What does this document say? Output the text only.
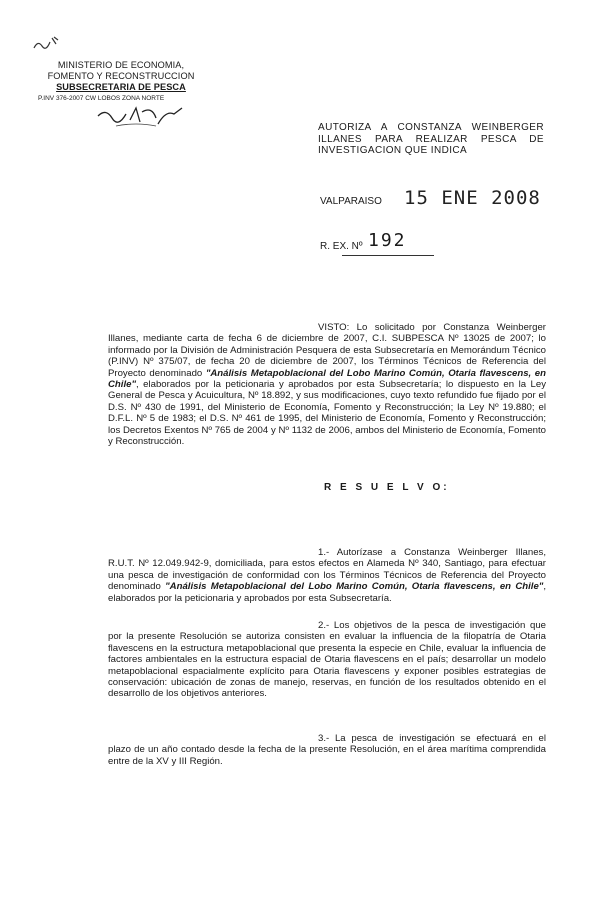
MINISTERIO DE ECONOMIA,
FOMENTO Y RECONSTRUCCION
SUBSECRETARIA DE PESCA
P.INV 376-2007 CW LOBOS ZONA NORTE
AUTORIZA A CONSTANZA WEINBERGER ILLANES PARA REALIZAR PESCA DE INVESTIGACION QUE INDICA
VALPARAISO 15 ENE 2008
R. EX. Nº 192
VISTO: Lo solicitado por Constanza Weinberger Illanes, mediante carta de fecha 6 de diciembre de 2007, C.I. SUBPESCA Nº 13025 de 2007; lo informado por la División de Administración Pesquera de esta Subsecretaría en Memorándum Técnico (P.INV) Nº 375/07, de fecha 20 de diciembre de 2007, los Términos Técnicos de Referencia del Proyecto denominado "Análisis Metapoblacional del Lobo Marino Común, Otaria flavescens, en Chile", elaborados por la peticionaria y aprobados por esta Subsecretaría; lo dispuesto en la Ley General de Pesca y Acuicultura, Nº 18.892, y sus modificaciones, cuyo texto refundido fue fijado por el D.S. Nº 430 de 1991, del Ministerio de Economía, Fomento y Reconstrucción; la Ley Nº 19.880; el D.F.L. Nº 5 de 1983; el D.S. Nº 461 de 1995, del Ministerio de Economía, Fomento y Reconstrucción; los Decretos Exentos Nº 765 de 2004 y Nº 1132 de 2006, ambos del Ministerio de Economía, Fomento y Reconstrucción.
R E S U E L V O:
1.- Autorízase a Constanza Weinberger Illanes, R.U.T. Nº 12.049.942-9, domiciliada, para estos efectos en Alameda Nº 340, Santiago, para efectuar una pesca de investigación de conformidad con los Términos Técnicos de Referencia del Proyecto denominado "Análisis Metapoblacional del Lobo Marino Común, Otaria flavescens, en Chile", elaborados por la peticionaria y aprobados por esta Subsecretaría.
2.- Los objetivos de la pesca de investigación que por la presente Resolución se autoriza consisten en evaluar la influencia de la filopatría de Otaria flavescens en la estructura metapoblacional que presenta la especie en Chile, evaluar la influencia de factores ambientales en la estructura espacial de Otaria flavescens en el país; desarrollar un modelo metapoblacional espacialmente explícito para Otaria flavescens y exponer posibles estrategias de conservación: ubicación de zonas de manejo, reservas, en función de los resultados obtenido en el desarrollo de los objetivos anteriores.
3.- La pesca de investigación se efectuará en el plazo de un año contado desde la fecha de la presente Resolución, en el área marítima comprendida entre de la XV y III Región.
